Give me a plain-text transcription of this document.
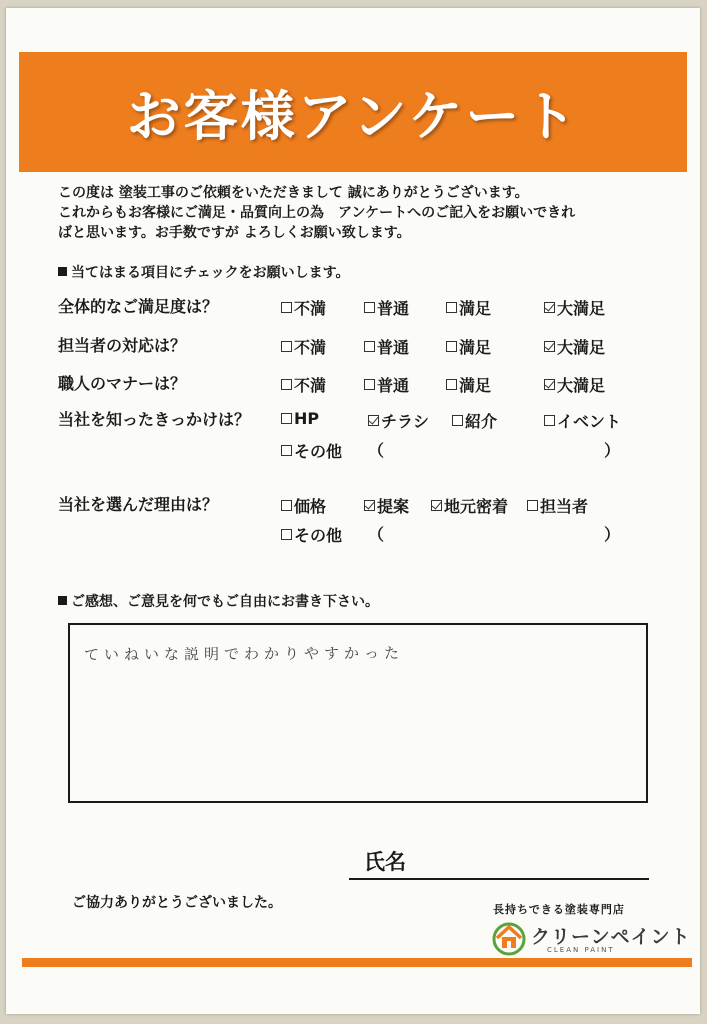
お客様アンケート
この度は 塗装工事のご依頼をいただきまして 誠にありがとうございます。
これからもお客様にご満足・品質向上の為　アンケートへのご記入をお願いできれ
ばと思います。お手数ですが よろしくお願い致します。
当てはまる項目にチェックをお願いします。
全体的なご満足度は？	不満	普通	満足	大満足
担当者の対応は？	不満	普通	満足	大満足
職人のマナーは？	不満	普通	満足	大満足
当社を知ったきっかけは？	HP	チラシ 紹介	イベント
その他 （	）
当社を選んだ理由は？	価格	提案 地元密着 担当者
その他 （	）
ご感想、ご意見を何でもご自由にお書き下さい。
ていねいな説明でわかりやすかった
氏名
ご協力ありがとうございました。	長持ちできる塗装専門店
クリーンペイント
CLEAN PAINT
